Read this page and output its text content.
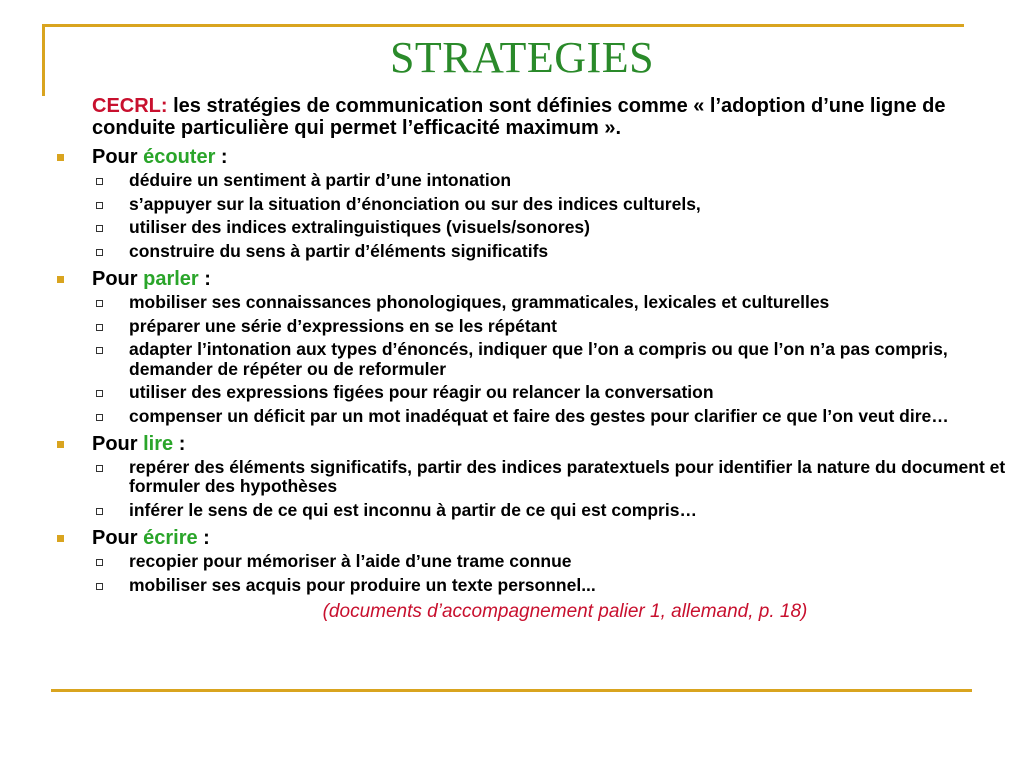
STRATEGIES
CECRL: les stratégies de communication sont définies comme « l’adoption d’une ligne de conduite particulière qui permet l’efficacité maximum ».
Pour écouter :
déduire un sentiment à partir d’une intonation
s’appuyer sur la situation d’énonciation ou sur des indices culturels,
utiliser des indices extralinguistiques (visuels/sonores)
construire du sens à partir d’éléments significatifs
Pour parler :
mobiliser ses connaissances phonologiques, grammaticales, lexicales et culturelles
préparer une série d’expressions en se les répétant
adapter l’intonation aux types d’énoncés, indiquer que l’on a compris ou que l’on n’a pas compris, demander de répéter ou de reformuler
utiliser des expressions figées pour réagir ou relancer la conversation
compenser un déficit par un mot inadéquat et faire des gestes pour clarifier ce que l’on veut dire…
Pour lire :
repérer des éléments significatifs, partir des indices paratextuels pour identifier la nature du document et formuler des hypothèses
inférer le sens de ce qui est inconnu à partir de ce qui est compris…
Pour écrire :
recopier pour mémoriser à l’aide d’une trame connue
mobiliser ses acquis pour produire un texte personnel...
(documents d’accompagnement palier 1, allemand, p. 18)
